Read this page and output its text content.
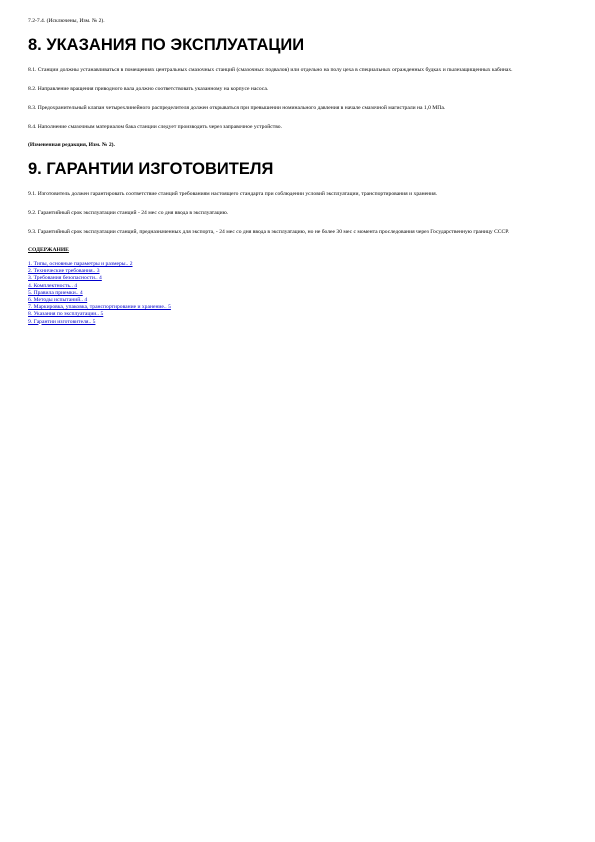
7.2-7.4. (Исключены, Изм. № 2).

8. УКАЗАНИЯ ПО ЭКСПЛУАТАЦИИ

8.1. Станции должны устанавливаться в помещениях центральных смазочных станций (смазочных подвалов) или отдельно на полу цеха в специальных огражденных будках и пылезащищенных кабинах.

8.2. Направление вращения приводного вала должно соответствовать указанному на корпусе насоса.

8.3. Предохранительный клапан четырехлинейного распределителя должен открываться при превышении номинального давления в начале смазочной магистрали на 1,0 МПа.

8.4. Наполнение смазочным материалом бака станции следует производить через заправочное устройство.

(Измененная редакция, Изм. № 2).

9. ГАРАНТИИ ИЗГОТОВИТЕЛЯ

9.1. Изготовитель должен гарантировать соответствие станций требованиям настоящего стандарта при соблюдении условий эксплуатации, транспортирования и хранения.

9.2. Гарантийный срок эксплуатации станций - 24 мес со дня ввода в эксплуатацию.

9.3. Гарантийный срок эксплуатации станций, предназначенных для экспорта, - 24 мес со дня ввода в эксплуатацию, но не более 30 мес с момента проследования через Государственную границу СССР.

СОДЕРЖАНИЕ

1. Типы, основные параметры и размеры.. 2
2. Технические требования.. 3
3. Требования безопасности.. 4
4. Комплектность.. 4
5. Правила приемки.. 4
6. Методы испытаний.. 4
7. Маркировка, упаковка, транспортирование и хранение.. 5
8. Указания по эксплуатации.. 5
9. Гарантии изготовителя.. 5
